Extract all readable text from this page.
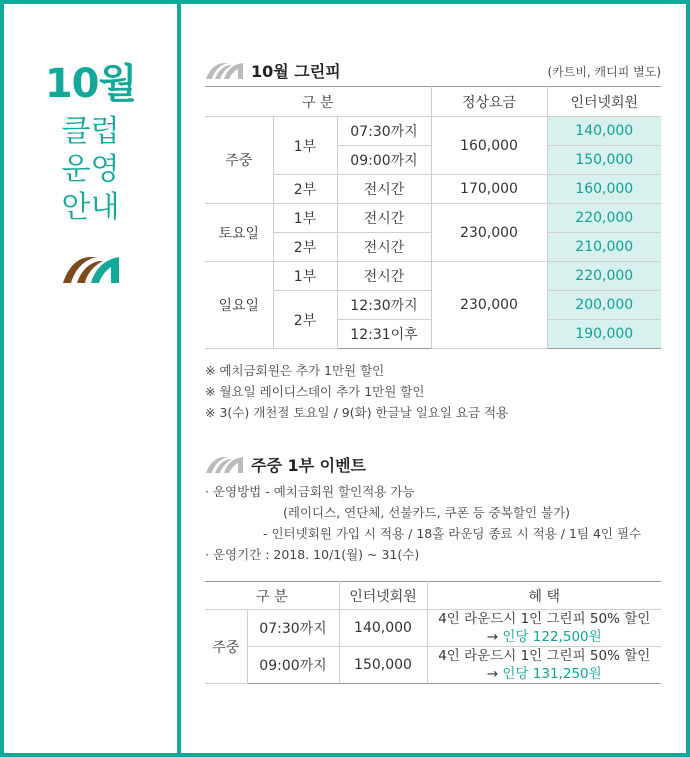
10월
클럽
운영
안내
10월 그린피	(카트비, 캐디피 별도)
구 분			정상요금	인터넷회원
주중	1부	07:30까지	160,000	140,000
		09:00까지		150,000
	2부	전시간	170,000	160,000
토요일	1부	전시간	230,000	220,000
	2부	전시간		210,000
일요일	1부	전시간	230,000	220,000
	2부	12:30까지		200,000
		12:31이후		190,000
※ 예치금회원은 추가 1만원 할인
※ 월요일 레이디스데이 추가 1만원 할인
※ 3(수) 개천절 토요일 / 9(화) 한글날 일요일 요금 적용
주중 1부 이벤트
· 운영방법 - 예치금회원 할인적용 가능
(레이디스, 연단체, 선불카드, 쿠폰 등 중복할인 불가)
- 인터넷회원 가입 시 적용 / 18홀 라운딩 종료 시 적용 / 1팀 4인 필수
· 운영기간 : 2018. 10/1(월) ~ 31(수)
구 분		인터넷회원	혜 택
주중	07:30까지	140,000	4인 라운드시 1인 그린피 50% 할인
→ 인당 122,500원

	09:00까지	150,000	4인 라운드시 1인 그린피 50% 할인
→ 인당 131,250원
